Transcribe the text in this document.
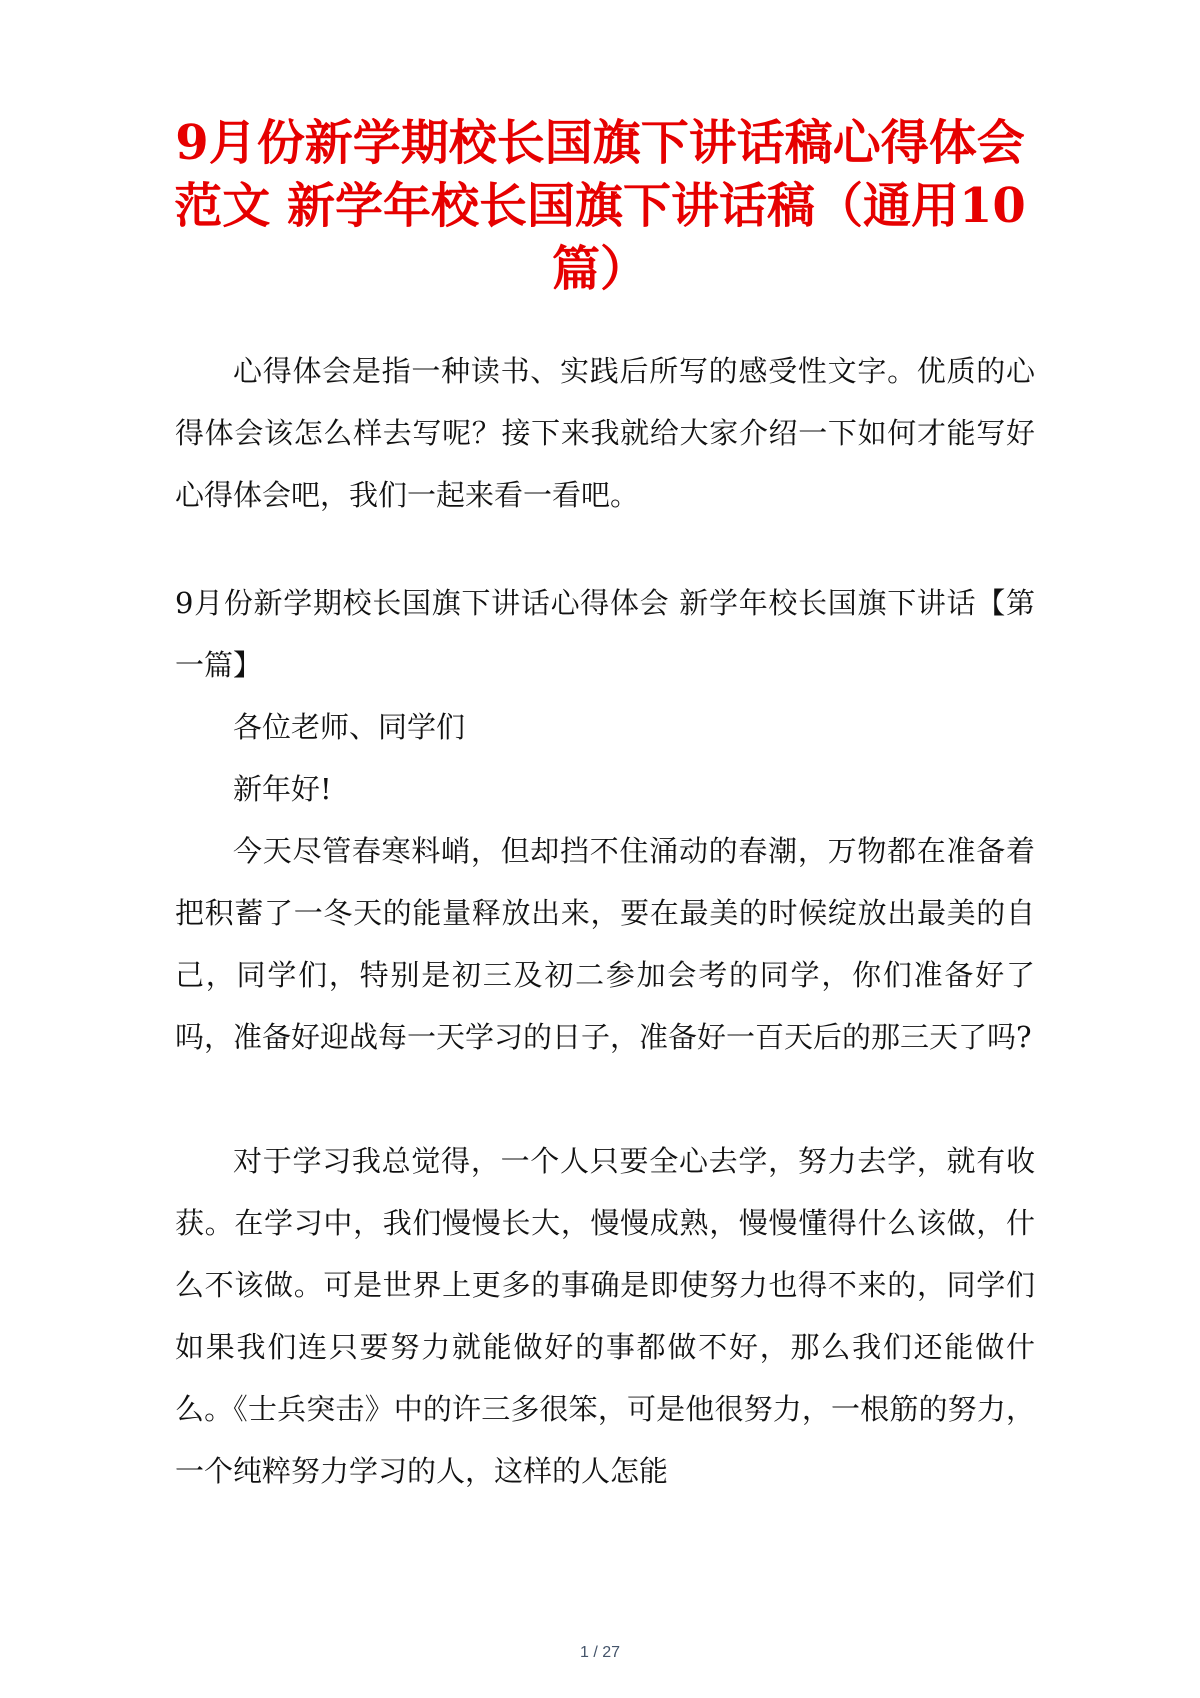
9月份新学期校长国旗下讲话稿心得体会范文 新学年校长国旗下讲话稿（通用10篇）

心得体会是指一种读书、实践后所写的感受性文字。优质的心得体会该怎么样去写呢？接下来我就给大家介绍一下如何才能写好心得体会吧，我们一起来看一看吧。

9月份新学期校长国旗下讲话心得体会 新学年校长国旗下讲话【第一篇】

各位老师、同学们

新年好!

今天尽管春寒料峭，但却挡不住涌动的春潮，万物都在准备着把积蓄了一冬天的能量释放出来，要在最美的时候绽放出最美的自己，同学们，特别是初三及初二参加会考的同学，你们准备好了吗，准备好迎战每一天学习的日子，准备好一百天后的那三天了吗?

对于学习我总觉得，一个人只要全心去学，努力去学，就有收获。在学习中，我们慢慢长大，慢慢成熟，慢慢懂得什么该做，什么不该做。可是世界上更多的事确是即使努力也得不来的，同学们如果我们连只要努力就能做好的事都做不好，那么我们还能做什么。《士兵突击》中的许三多很笨，可是他很努力，一根筋的努力，一个纯粹努力学习的人，这样的人怎能

1 / 27
